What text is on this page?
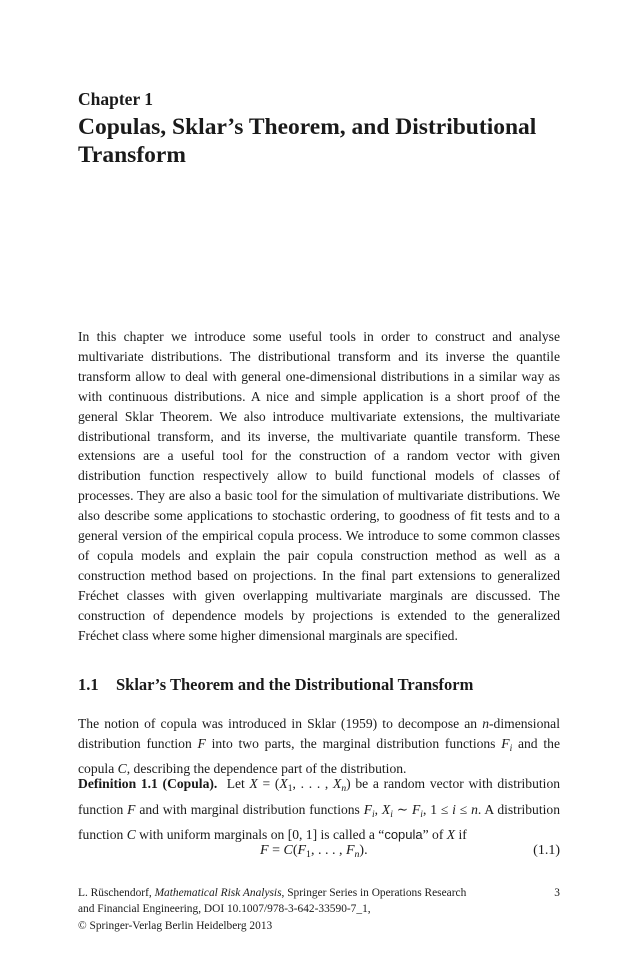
Chapter 1
Copulas, Sklar’s Theorem, and Distributional Transform
In this chapter we introduce some useful tools in order to construct and analyse multivariate distributions. The distributional transform and its inverse the quantile transform allow to deal with general one-dimensional distributions in a similar way as with continuous distributions. A nice and simple application is a short proof of the general Sklar Theorem. We also introduce multivariate extensions, the multivariate distributional transform, and its inverse, the multivariate quantile transform. These extensions are a useful tool for the construction of a random vector with given distribution function respectively allow to build functional models of classes of processes. They are also a basic tool for the simulation of multivariate distributions. We also describe some applications to stochastic ordering, to goodness of fit tests and to a general version of the empirical copula process. We introduce to some common classes of copula models and explain the pair copula construction method as well as a construction method based on projections. In the final part extensions to generalized Fréchet classes with given overlapping multivariate marginals are discussed. The construction of dependence models by projections is extended to the generalized Fréchet class where some higher dimensional marginals are specified.
1.1 Sklar’s Theorem and the Distributional Transform
The notion of copula was introduced in Sklar (1959) to decompose an n-dimensional distribution function F into two parts, the marginal distribution functions $F_i$ and the copula C, describing the dependence part of the distribution.
Definition 1.1 (Copula). Let $X = (X_1$, . . . , $X_n$) be a random vector with distribution function F and with marginal distribution functions $F_i$, $X_i$ ∼ $F_i$, 1 ≤ i ≤ n. A distribution function C with uniform marginals on [0, 1] is called a “copula” of X if
$F = C(F_1$, . . . , $F_n$).	(1.1)
L. Rüschendorf, Mathematical Risk Analysis, Springer Series in Operations Research
and Financial Engineering, DOI 10.1007/978-3-642-33590-7_1,
© Springer-Verlag Berlin Heidelberg 2013
3
